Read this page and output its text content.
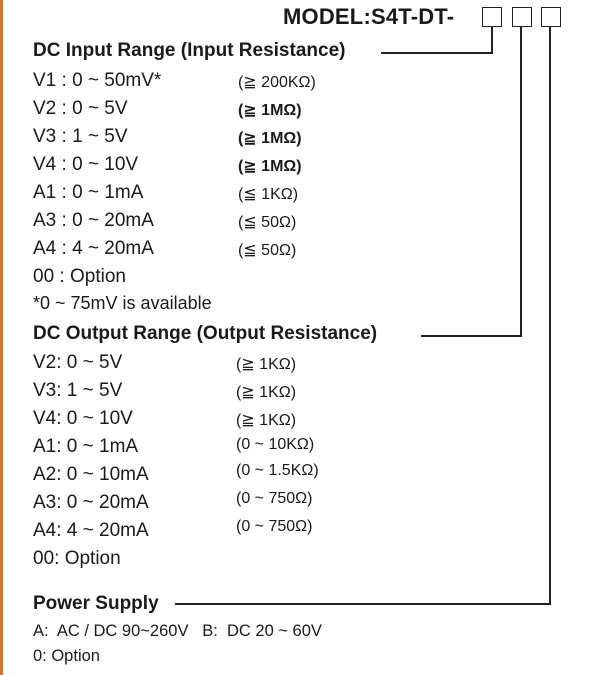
MODEL:S4T-DT-
DC Input Range (Input Resistance)
V1 : 0 ~ 50mV*	(≧ 200KΩ)
V2 : 0 ~ 5V	(≧ 1MΩ)
V3 : 1 ~ 5V	(≧ 1MΩ)
V4 : 0 ~ 10V	(≧ 1MΩ)
A1 : 0 ~ 1mA	(≦ 1KΩ)
A3 : 0 ~ 20mA	(≦ 50Ω)
A4 : 4 ~ 20mA	(≦ 50Ω)
00 : Option
*0 ~ 75mV is available
DC Output Range (Output Resistance)
V2: 0 ~ 5V	(≧ 1KΩ)
V3: 1 ~ 5V	(≧ 1KΩ)
V4: 0 ~ 10V	(≧ 1KΩ)
A1: 0 ~ 1mA	(0 ~ 10KΩ)
A2: 0 ~ 10mA	(0 ~ 1.5KΩ)
A3: 0 ~ 20mA	(0 ~ 750Ω)
A4: 4 ~ 20mA	(0 ~ 750Ω)
00: Option
Power Supply
A:  AC / DC 90~260V   B:  DC 20 ~ 60V
0: Option
